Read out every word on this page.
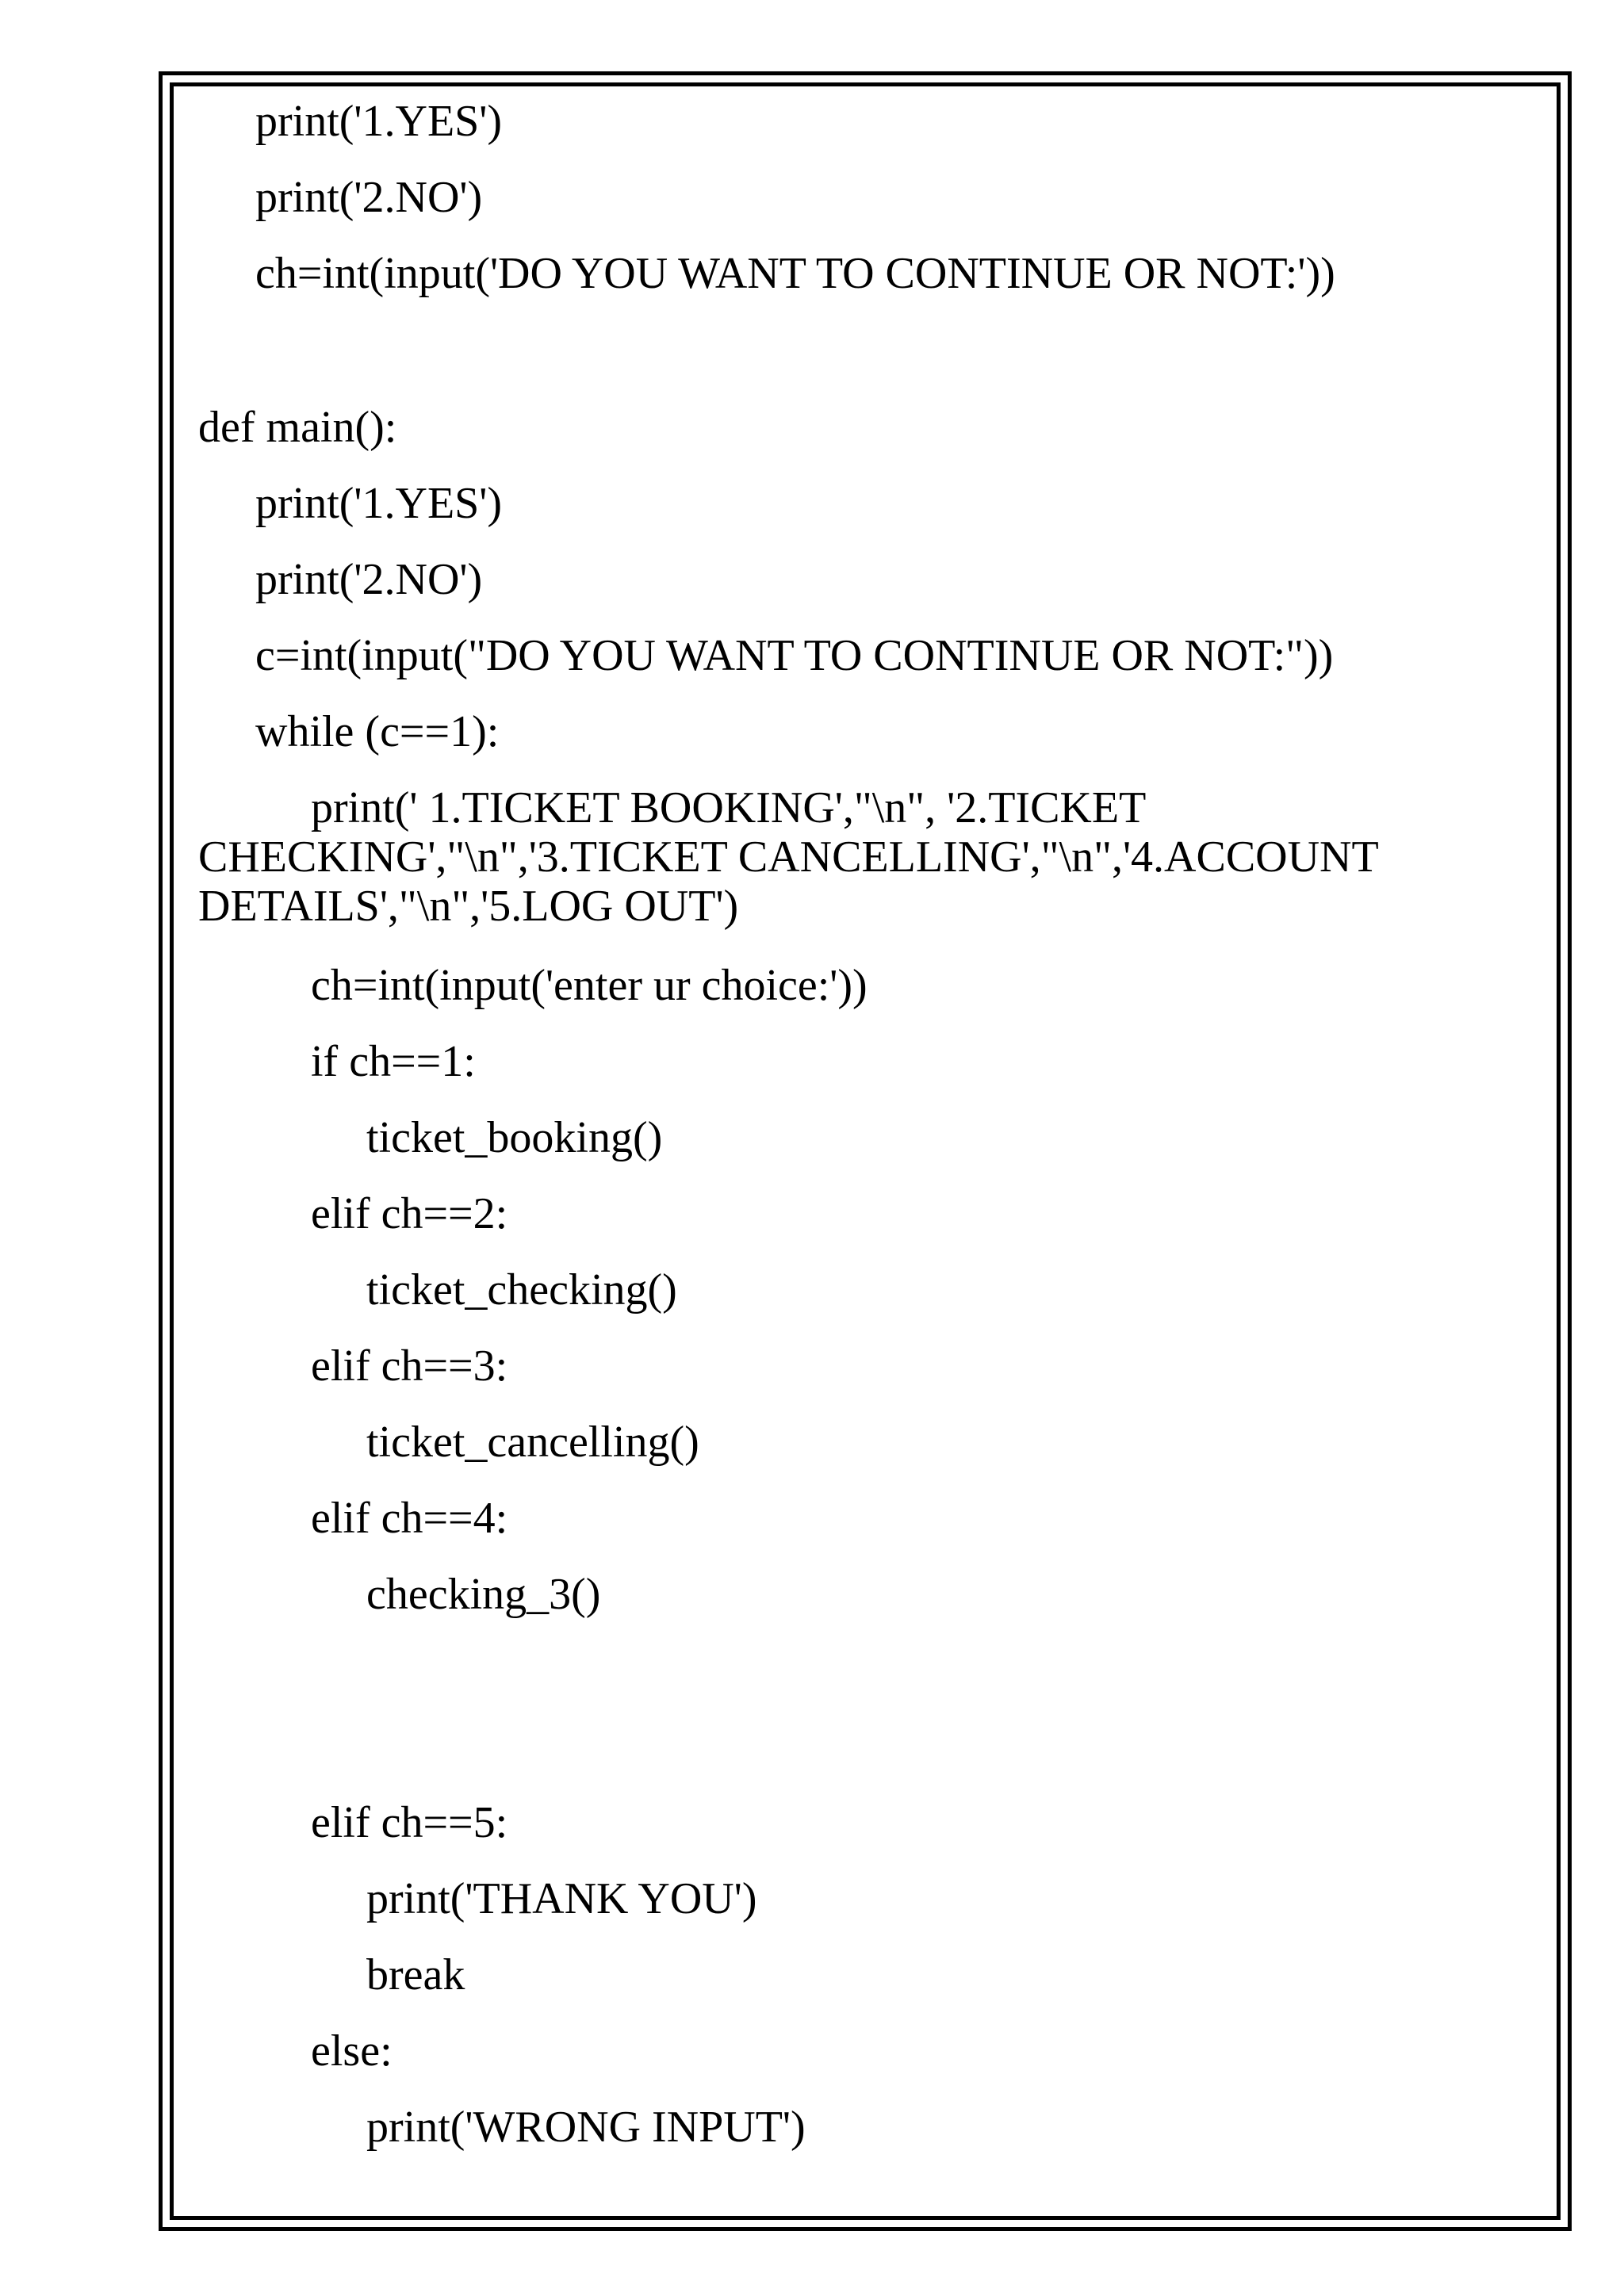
print('1.YES')
print('2.NO')
ch=int(input('DO YOU WANT TO CONTINUE OR NOT:'))
def main():
print('1.YES')
print('2.NO')
c=int(input("DO YOU WANT TO CONTINUE OR NOT:"))
while (c==1):
print(' 1.TICKET BOOKING',"\n", '2.TICKET CHECKING',"\n",'3.TICKET CANCELLING',"\n",'4.ACCOUNT DETAILS',"\n",'5.LOG OUT')
ch=int(input('enter ur choice:'))
if ch==1:
ticket_booking()
elif ch==2:
ticket_checking()
elif ch==3:
ticket_cancelling()
elif ch==4:
checking_3()
elif ch==5:
print('THANK YOU')
break
else:
print('WRONG INPUT')
